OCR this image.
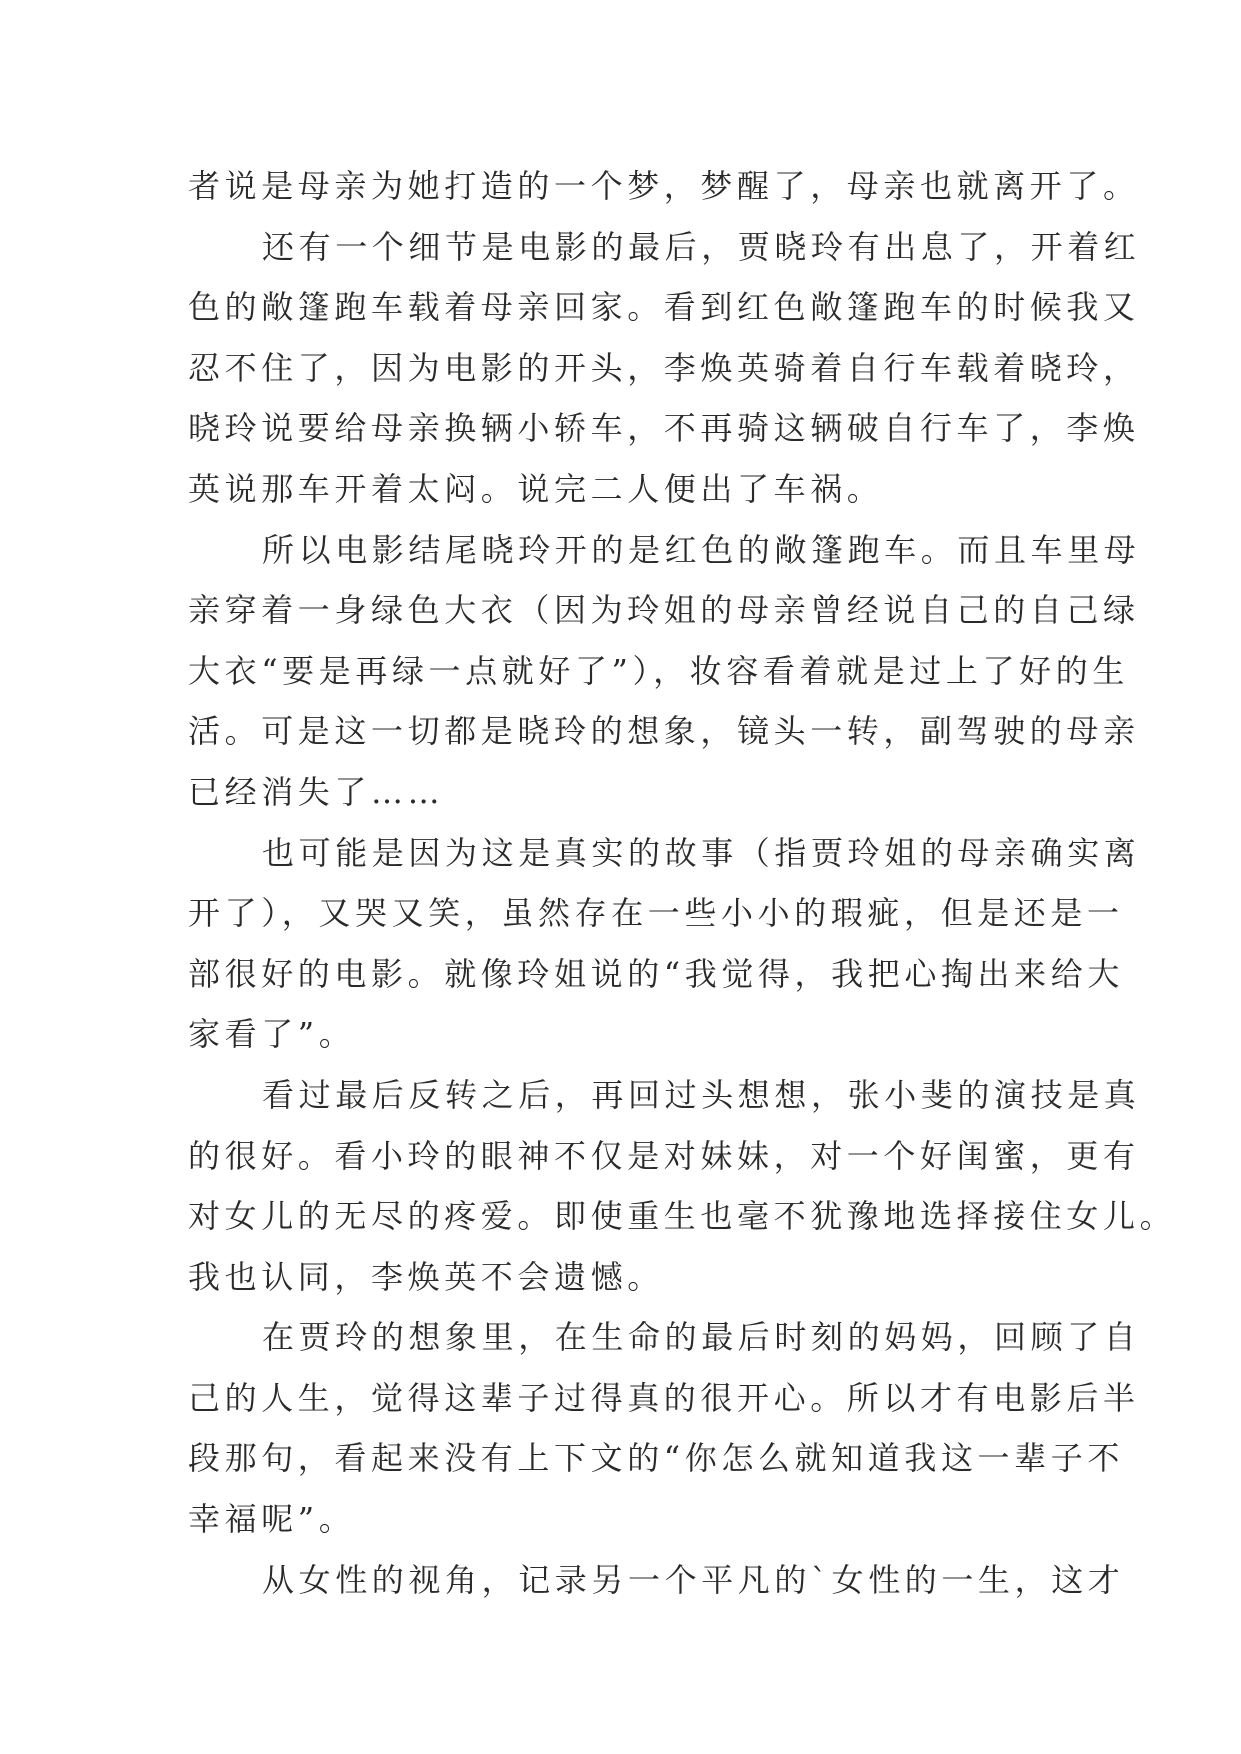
者说是母亲为她打造的一个梦，梦醒了，母亲也就离开了。
还有一个细节是电影的最后，贾晓玲有出息了，开着红
色的敞篷跑车载着母亲回家。看到红色敞篷跑车的时候我又
忍不住了，因为电影的开头，李焕英骑着自行车载着晓玲，
晓玲说要给母亲换辆小轿车，不再骑这辆破自行车了，李焕
英说那车开着太闷。说完二人便出了车祸。
所以电影结尾晓玲开的是红色的敞篷跑车。而且车里母
亲穿着一身绿色大衣（因为玲姐的母亲曾经说自己的自己绿
大衣“要是再绿一点就好了”），妆容看着就是过上了好的生
活。可是这一切都是晓玲的想象，镜头一转，副驾驶的母亲
已经消失了……
也可能是因为这是真实的故事（指贾玲姐的母亲确实离
开了），又哭又笑，虽然存在一些小小的瑕疵，但是还是一
部很好的电影。就像玲姐说的“我觉得，我把心掏出来给大
家看了”。
看过最后反转之后，再回过头想想，张小斐的演技是真
的很好。看小玲的眼神不仅是对妹妹，对一个好闺蜜，更有
对女儿的无尽的疼爱。即使重生也毫不犹豫地选择接住女儿。
我也认同，李焕英不会遗憾。
在贾玲的想象里，在生命的最后时刻的妈妈，回顾了自
己的人生，觉得这辈子过得真的很开心。所以才有电影后半
段那句，看起来没有上下文的“你怎么就知道我这一辈子不
幸福呢”。
从女性的视角，记录另一个平凡的`女性的一生，这才
